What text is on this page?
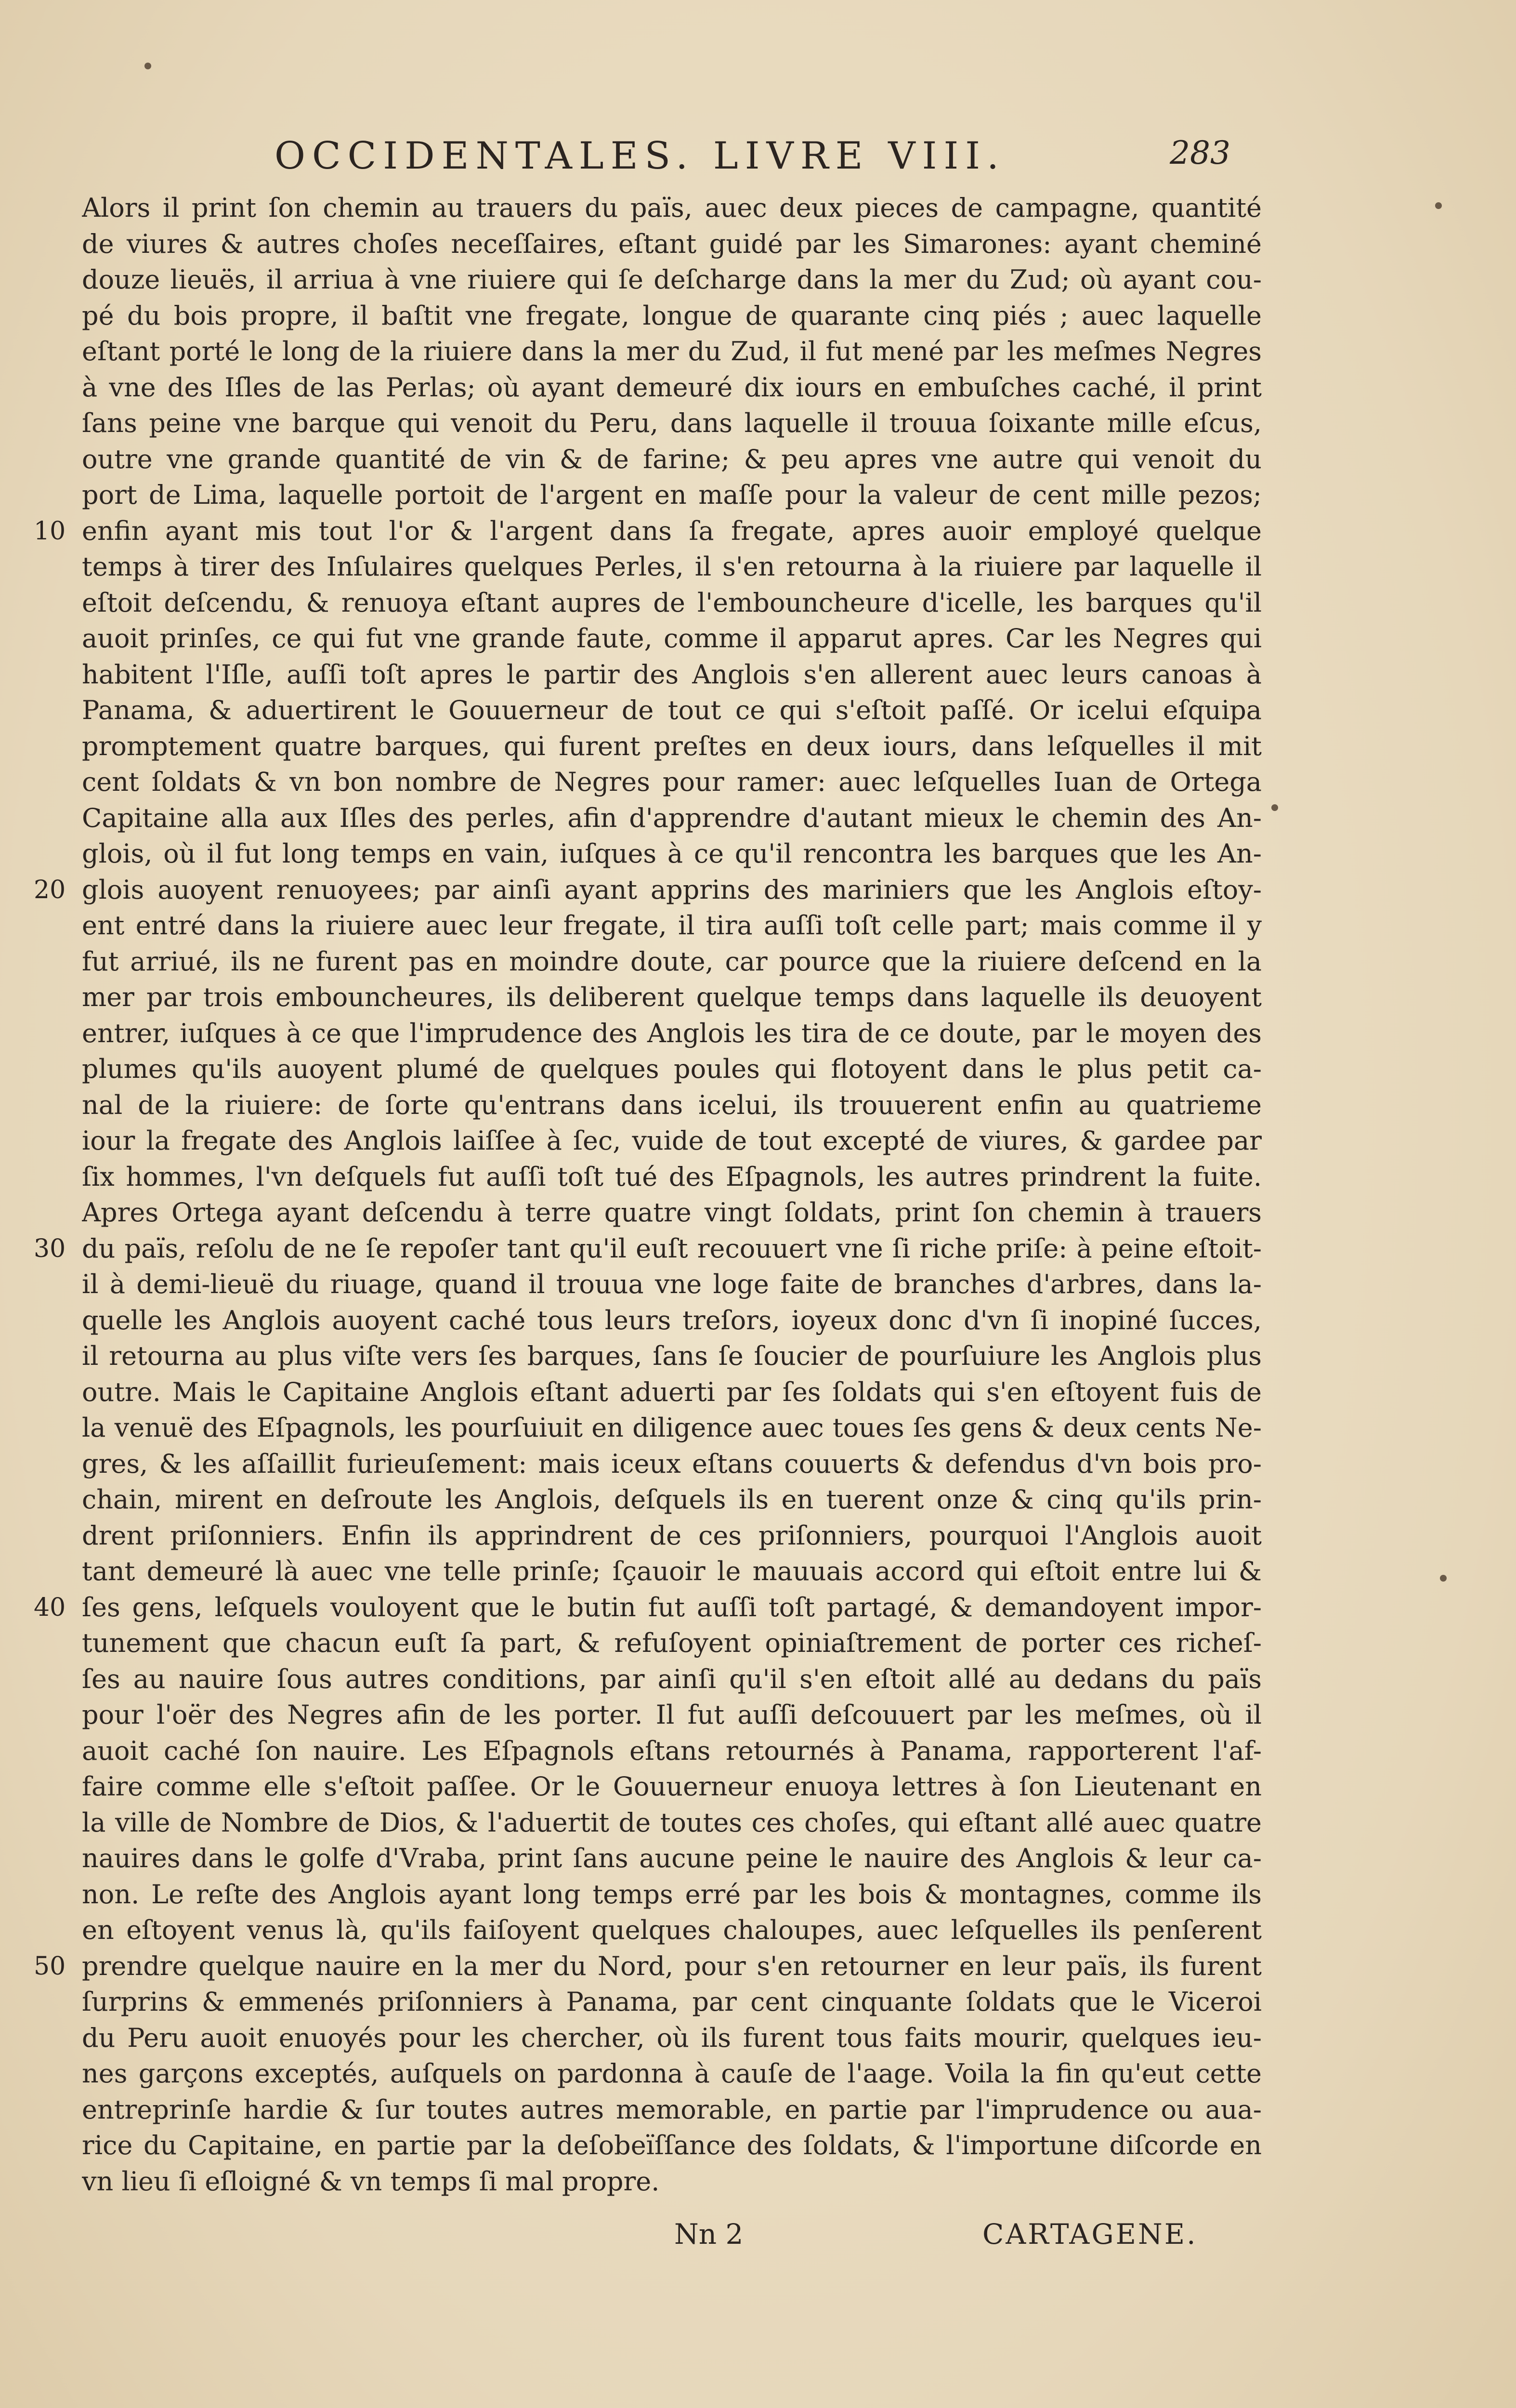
OCCIDENTALES. LIVRE VIII.	283
10
20
30
40
50
Alors il print ſon chemin au trauers du païs, auec deux pieces de campagne, quantité
de viures & autres choſes neceſſaires, eſtant guidé par les Simarones: ayant cheminé
douze lieuës, il arriua à vne riuiere qui ſe deſcharge dans la mer du Zud; où ayant cou-
pé du bois propre, il baſtit vne fregate, longue de quarante cinq piés ; auec laquelle
eſtant porté le long de la riuiere dans la mer du Zud, il fut mené par les meſmes Negres
à vne des Iſles de las Perlas; où ayant demeuré dix iours en embuſches caché, il print
ſans peine vne barque qui venoit du Peru, dans laquelle il trouua ſoixante mille eſcus,
outre vne grande quantité de vin & de farine; & peu apres vne autre qui venoit du
port de Lima, laquelle portoit de l'argent en maſſe pour la valeur de cent mille pezos;
enfin ayant mis tout l'or & l'argent dans ſa fregate, apres auoir employé quelque
temps à tirer des Inſulaires quelques Perles, il s'en retourna à la riuiere par laquelle il
eſtoit deſcendu, & renuoya eſtant aupres de l'embouncheure d'icelle, les barques qu'il
auoit prinſes, ce qui fut vne grande faute, comme il apparut apres. Car les Negres qui
habitent l'Iſle, auſſi toſt apres le partir des Anglois s'en allerent auec leurs canoas à
Panama, & aduertirent le Gouuerneur de tout ce qui s'eſtoit paſſé. Or icelui eſquipa
promptement quatre barques, qui furent preſtes en deux iours, dans leſquelles il mit
cent ſoldats & vn bon nombre de Negres pour ramer: auec leſquelles Iuan de Ortega
Capitaine alla aux Iſles des perles, afin d'apprendre d'autant mieux le chemin des An-
glois, où il fut long temps en vain, iuſques à ce qu'il rencontra les barques que les An-
glois auoyent renuoyees; par ainſi ayant apprins des mariniers que les Anglois eſtoy-
ent entré dans la riuiere auec leur fregate, il tira auſſi toſt celle part; mais comme il y
fut arriué, ils ne furent pas en moindre doute, car pource que la riuiere deſcend en la
mer par trois embouncheures, ils deliberent quelque temps dans laquelle ils deuoyent
entrer, iuſques à ce que l'imprudence des Anglois les tira de ce doute, par le moyen des
plumes qu'ils auoyent plumé de quelques poules qui flotoyent dans le plus petit ca-
nal de la riuiere: de ſorte qu'entrans dans icelui, ils trouuerent enfin au quatrieme
iour la fregate des Anglois laiſſee à ſec, vuide de tout excepté de viures, & gardee par
ſix hommes, l'vn deſquels fut auſſi toſt tué des Eſpagnols, les autres prindrent la fuite.
Apres Ortega ayant deſcendu à terre quatre vingt ſoldats, print ſon chemin à trauers
du païs, reſolu de ne ſe repoſer tant qu'il euſt recouuert vne ſi riche priſe: à peine eſtoit-
il à demi-lieuë du riuage, quand il trouua vne loge faite de branches d'arbres, dans la-
quelle les Anglois auoyent caché tous leurs treſors, ioyeux donc d'vn ſi inopiné ſucces,
il retourna au plus viſte vers ſes barques, ſans ſe ſoucier de pourſuiure les Anglois plus
outre. Mais le Capitaine Anglois eſtant aduerti par ſes ſoldats qui s'en eſtoyent fuis de
la venuë des Eſpagnols, les pourſuiuit en diligence auec toues ſes gens & deux cents Ne-
gres, & les aſſaillit furieuſement: mais iceux eſtans couuerts & defendus d'vn bois pro-
chain, mirent en deſroute les Anglois, deſquels ils en tuerent onze & cinq qu'ils prin-
drent priſonniers. Enfin ils apprindrent de ces priſonniers, pourquoi l'Anglois auoit
tant demeuré là auec vne telle prinſe; ſçauoir le mauuais accord qui eſtoit entre lui &
ſes gens, leſquels vouloyent que le butin fut auſſi toſt partagé, & demandoyent impor-
tunement que chacun euſt ſa part, & refuſoyent opiniaſtrement de porter ces richeſ-
ſes au nauire ſous autres conditions, par ainſi qu'il s'en eſtoit allé au dedans du païs
pour l'oër des Negres afin de les porter. Il fut auſſi deſcouuert par les meſmes, où il
auoit caché ſon nauire. Les Eſpagnols eſtans retournés à Panama, rapporterent l'af-
faire comme elle s'eſtoit paſſee. Or le Gouuerneur enuoya lettres à ſon Lieutenant en
la ville de Nombre de Dios, & l'aduertit de toutes ces choſes, qui eſtant allé auec quatre
nauires dans le golfe d'Vraba, print ſans aucune peine le nauire des Anglois & leur ca-
non. Le reſte des Anglois ayant long temps erré par les bois & montagnes, comme ils
en eſtoyent venus là, qu'ils faiſoyent quelques chaloupes, auec leſquelles ils penſerent
prendre quelque nauire en la mer du Nord, pour s'en retourner en leur païs, ils furent
ſurprins & emmenés priſonniers à Panama, par cent cinquante ſoldats que le Viceroi
du Peru auoit enuoyés pour les chercher, où ils furent tous faits mourir, quelques ieu-
nes garçons exceptés, auſquels on pardonna à cauſe de l'aage. Voila la fin qu'eut cette
entreprinſe hardie & ſur toutes autres memorable, en partie par l'imprudence ou aua-
rice du Capitaine, en partie par la deſobeïſſance des ſoldats, & l'importune diſcorde en
vn lieu ſi eſloigné & vn temps ſi mal propre.
Nn 2	CARTAGENE.
